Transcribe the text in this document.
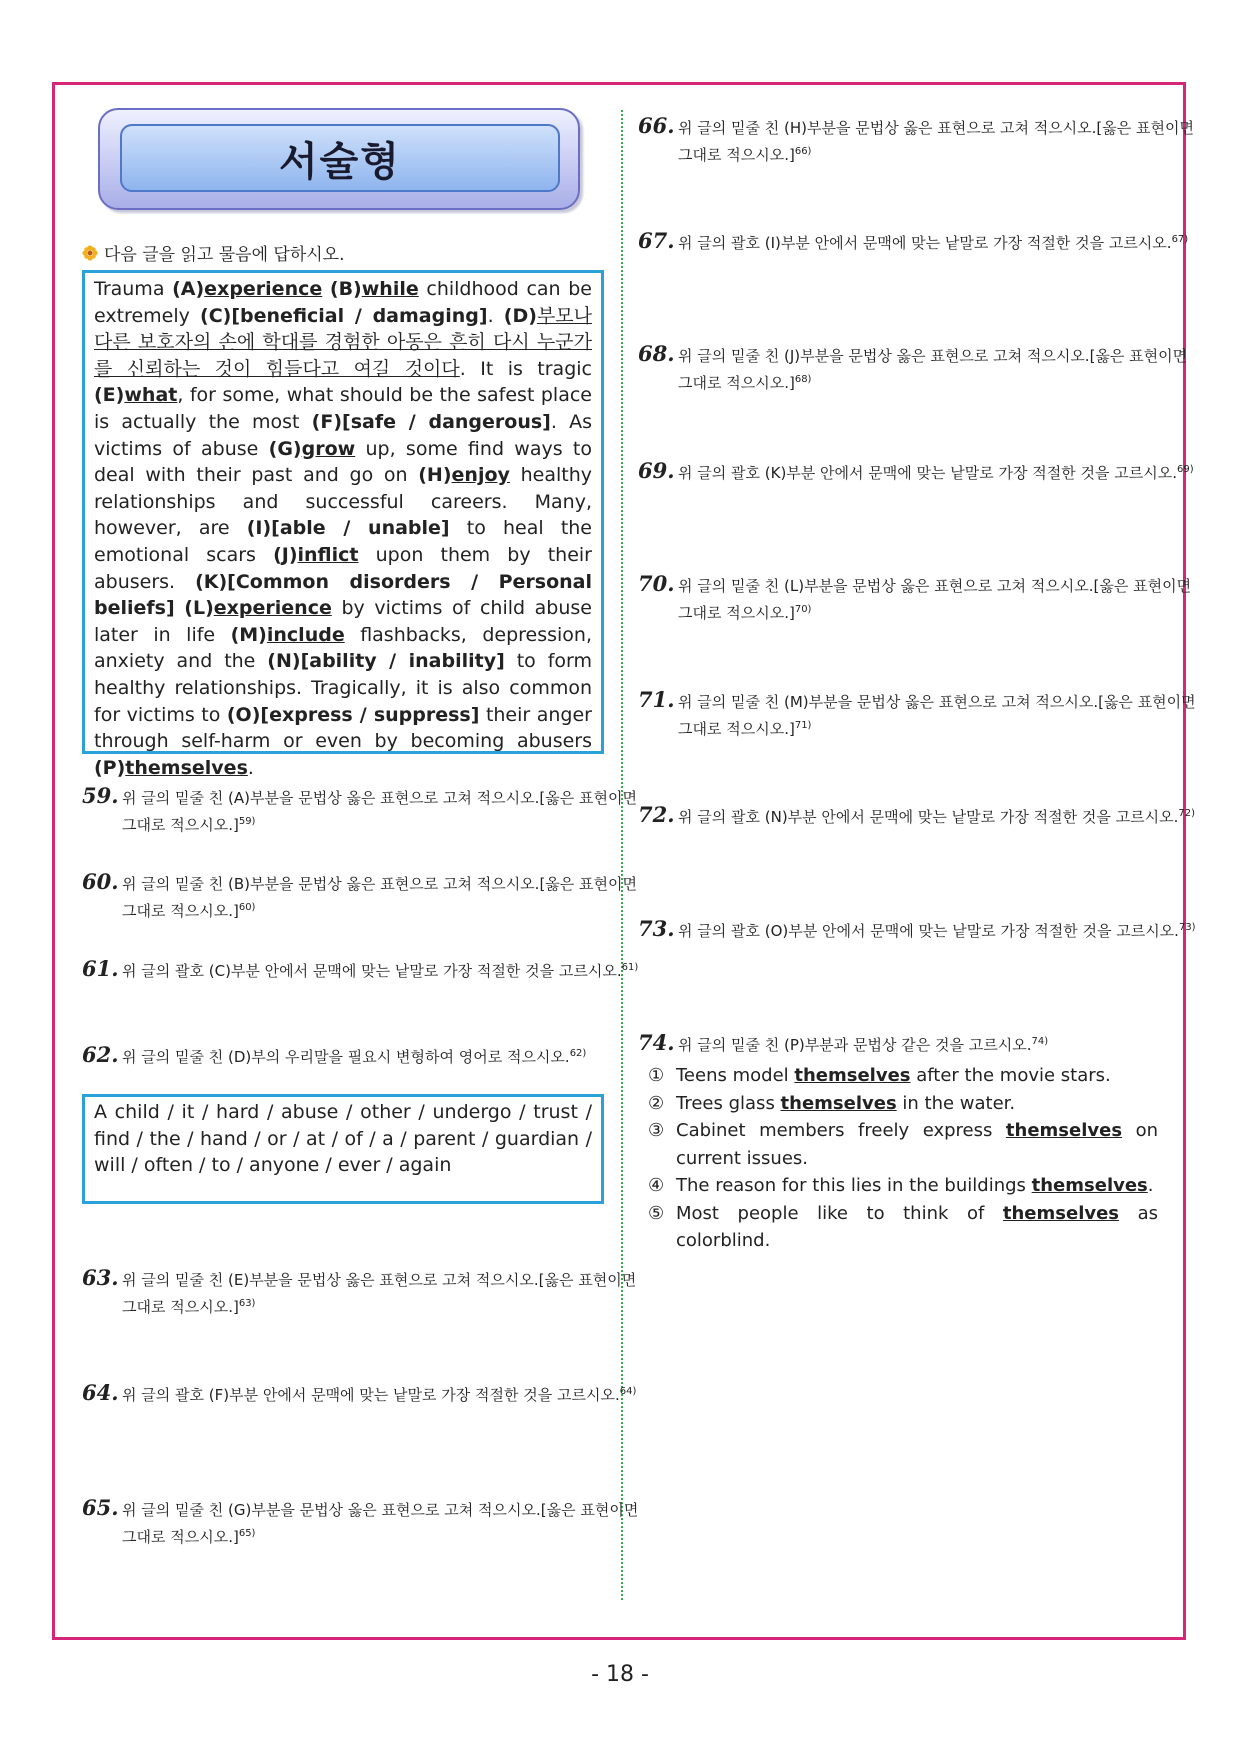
서술형
다음 글을 읽고 물음에 답하시오.
Trauma (A)experience (B)while childhood can be extremely (C)[beneficial / damaging]. (D)부모나 다른 보호자의 손에 학대를 경험한 아동은 흔히 다시 누군가를 신뢰하는 것이 힘들다고 여길 것이다. It is tragic (E)what, for some, what should be the safest place is actually the most (F)[safe / dangerous]. As victims of abuse (G)grow up, some find ways to deal with their past and go on (H)enjoy healthy relationships and successful careers. Many, however, are (I)[able / unable] to heal the emotional scars (J)inflict upon them by their abusers. (K)[Common disorders / Personal beliefs] (L)experience by victims of child abuse later in life (M)include flashbacks, depression, anxiety and the (N)[ability / inability] to form healthy relationships. Tragically, it is also common for victims to (O)[express / suppress] their anger through self-harm or even by becoming abusers (P)themselves.
59. 위 글의 밑줄 친 (A)부분을 문법상 옳은 표현으로 고쳐 적으시오.[옳은 표현이면 그대로 적으시오.]$^{59)}$
60. 위 글의 밑줄 친 (B)부분을 문법상 옳은 표현으로 고쳐 적으시오.[옳은 표현이면 그대로 적으시오.]$^{60)}$
61. 위 글의 괄호 (C)부분 안에서 문맥에 맞는 낱말로 가장 적절한 것을 고르시오.$^{61)}$
62. 위 글의 밑줄 친 (D)부의 우리말을 필요시 변형하여 영어로 적으시오.$^{62)}$
A child / it / hard / abuse / other / undergo / trust / find / the / hand / or / at / of / a / parent / guardian / will / often / to / anyone / ever / again
63. 위 글의 밑줄 친 (E)부분을 문법상 옳은 표현으로 고쳐 적으시오.[옳은 표현이면 그대로 적으시오.]$^{63)}$
64. 위 글의 괄호 (F)부분 안에서 문맥에 맞는 낱말로 가장 적절한 것을 고르시오.$^{64)}$
65. 위 글의 밑줄 친 (G)부분을 문법상 옳은 표현으로 고쳐 적으시오.[옳은 표현이면 그대로 적으시오.]$^{65)}$
66. 위 글의 밑줄 친 (H)부분을 문법상 옳은 표현으로 고쳐 적으시오.[옳은 표현이면 그대로 적으시오.]$^{66)}$
67. 위 글의 괄호 (I)부분 안에서 문맥에 맞는 낱말로 가장 적절한 것을 고르시오.$^{67)}$
68. 위 글의 밑줄 친 (J)부분을 문법상 옳은 표현으로 고쳐 적으시오.[옳은 표현이면 그대로 적으시오.]$^{68)}$
69. 위 글의 괄호 (K)부분 안에서 문맥에 맞는 낱말로 가장 적절한 것을 고르시오.$^{69)}$
70. 위 글의 밑줄 친 (L)부분을 문법상 옳은 표현으로 고쳐 적으시오.[옳은 표현이면 그대로 적으시오.]$^{70)}$
71. 위 글의 밑줄 친 (M)부분을 문법상 옳은 표현으로 고쳐 적으시오.[옳은 표현이면 그대로 적으시오.]$^{71)}$
72. 위 글의 괄호 (N)부분 안에서 문맥에 맞는 낱말로 가장 적절한 것을 고르시오.$^{72)}$
73. 위 글의 괄호 (O)부분 안에서 문맥에 맞는 낱말로 가장 적절한 것을 고르시오.$^{73)}$
74. 위 글의 밑줄 친 (P)부분과 문법상 같은 것을 고르시오.$^{74)}$
① Teens model themselves after the movie stars.
② Trees glass themselves in the water.
③ Cabinet members freely express themselves on current issues.
④ The reason for this lies in the buildings themselves.
⑤ Most people like to think of themselves as colorblind.
- 18 -
